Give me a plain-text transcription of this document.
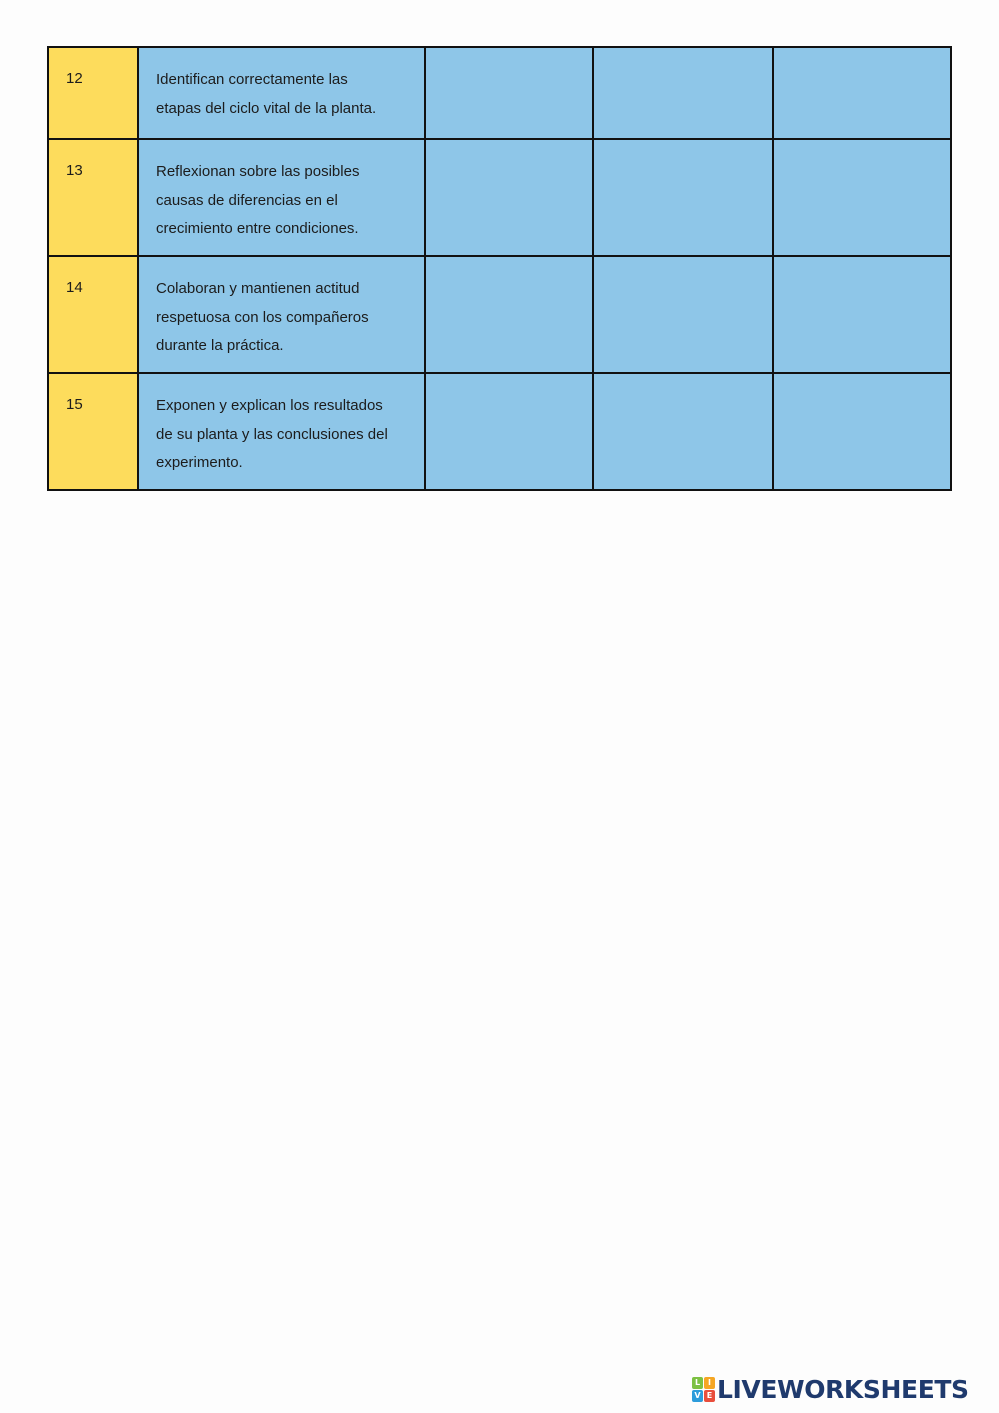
12	Identifican correctamente las
etapas del ciclo vital de la planta.			

13	Reflexionan sobre las posibles
causas de diferencias en el
crecimiento entre condiciones.			

14	Colaboran y mantienen actitud
respetuosa con los compañeros
durante la práctica.			

15	Exponen y explican los resultados
de su planta y las conclusiones del
experimento.			

L I
V E LIVEWORKSHEETS
